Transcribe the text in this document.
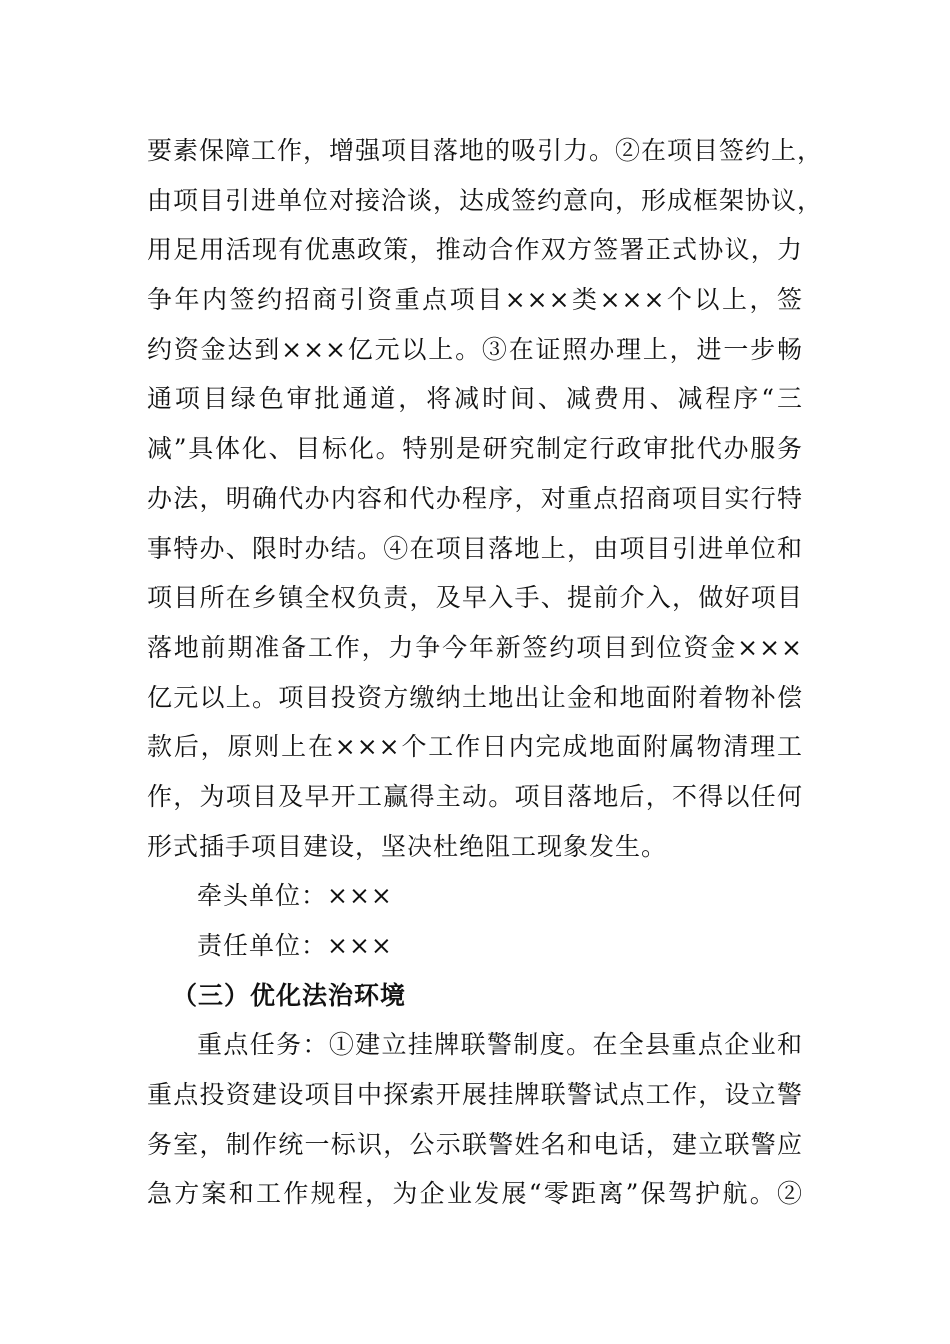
要素保障工作，增强项目落地的吸引力。②在项目签约上，
由项目引进单位对接洽谈，达成签约意向，形成框架协议，
用足用活现有优惠政策，推动合作双方签署正式协议，力
争年内签约招商引资重点项目×××类×××个以上，签
约资金达到×××亿元以上。③在证照办理上，进一步畅
通项目绿色审批通道，将减时间、减费用、减程序“三
减”具体化、目标化。特别是研究制定行政审批代办服务
办法，明确代办内容和代办程序，对重点招商项目实行特
事特办、限时办结。④在项目落地上，由项目引进单位和
项目所在乡镇全权负责，及早入手、提前介入，做好项目
落地前期准备工作，力争今年新签约项目到位资金×××
亿元以上。项目投资方缴纳土地出让金和地面附着物补偿
款后，原则上在×××个工作日内完成地面附属物清理工
作，为项目及早开工赢得主动。项目落地后，不得以任何
形式插手项目建设，坚决杜绝阻工现象发生。
牵头单位：×××
责任单位：×××
（三）优化法治环境
重点任务：①建立挂牌联警制度。在全县重点企业和
重点投资建设项目中探索开展挂牌联警试点工作，设立警
务室，制作统一标识，公示联警姓名和电话，建立联警应
急方案和工作规程，为企业发展“零距离”保驾护航。②
